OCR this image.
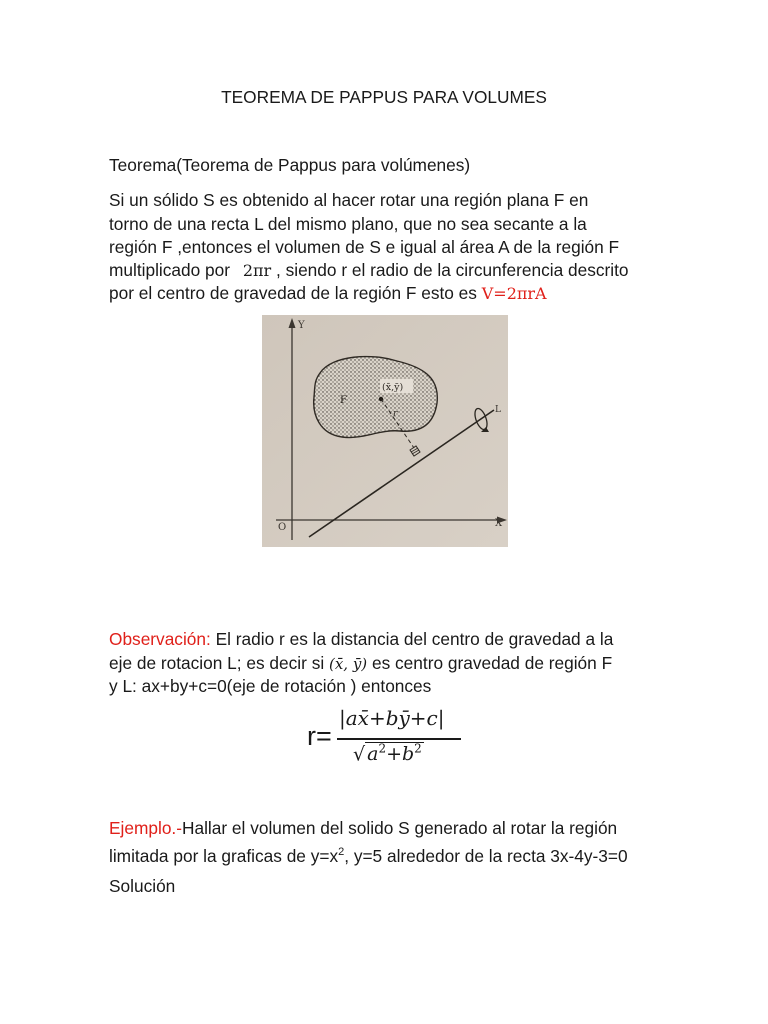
TEOREMA DE PAPPUS PARA VOLUMES
Teorema(Teorema de Pappus para volúmenes)
Si un sólido S es obtenido al hacer rotar una región plana F en
torno de una recta L del mismo plano, que no sea secante a la
región F ,entonces el volumen de S e igual al área A de la región F
multiplicado por 2πr , siendo r el radio de la circunferencia descrito
por el centro de gravedad de la región F esto es V=2πrA
Y
X
O
F
(x̄,ȳ)
r	L
Observación: El radio r es la distancia del centro de gravedad a la
eje de rotacion L; es decir si (x̄, ȳ) es centro gravedad de región F
y L: ax+by+c=0(eje de rotación ) entonces
r=
|ax̄+bȳ+c|
√ $a^2+b^2$
Ejemplo.-Hallar el volumen del solido S generado al rotar la región
limitada por la graficas de $y=x^2$, y=5 alrededor de la recta 3x-4y-3=0
Solución
